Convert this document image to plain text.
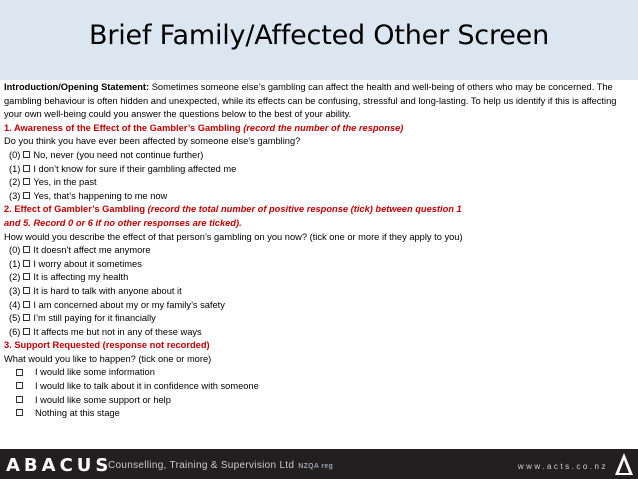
Brief Family/Affected Other Screen
Introduction/Opening Statement: Sometimes someone else’s gambling can affect the health and well-being of others who may be concerned. The gambling behaviour is often hidden and unexpected, while its effects can be confusing, stressful and long-lasting. To help us identify if this is affecting your own well-being could you answer the questions below to the best of your ability.
1. Awareness of the Effect of the Gambler’s Gambling (record the number of the response)
Do you think you have ever been affected by someone else’s gambling?
(0) No, never (you need not continue further)
(1) I don’t know for sure if their gambling affected me
(2) Yes, in the past
(3) Yes, that’s happening to me now
2. Effect of Gambler’s Gambling (record the total number of positive response (tick) between question 1
and 5. Record 0 or 6 if no other responses are ticked).
How would you describe the effect of that person’s gambling on you now? (tick one or more if they apply to you)
(0) It doesn’t affect me anymore
(1) I worry about it sometimes
(2) It is affecting my health
(3) It is hard to talk with anyone about it
(4) I am concerned about my or my family’s safety
(5) I’m still paying for it financially
(6) It affects me but not in any of these ways
3. Support Requested (response not recorded)
What would you like to happen? (tick one or more)
I would like some information
I would like to talk about it in confidence with someone
I would like some support or help
Nothing at this stage
ABACUS
Counselling, Training & Supervision Ltd NZQA reg	www.acts.co.nz
